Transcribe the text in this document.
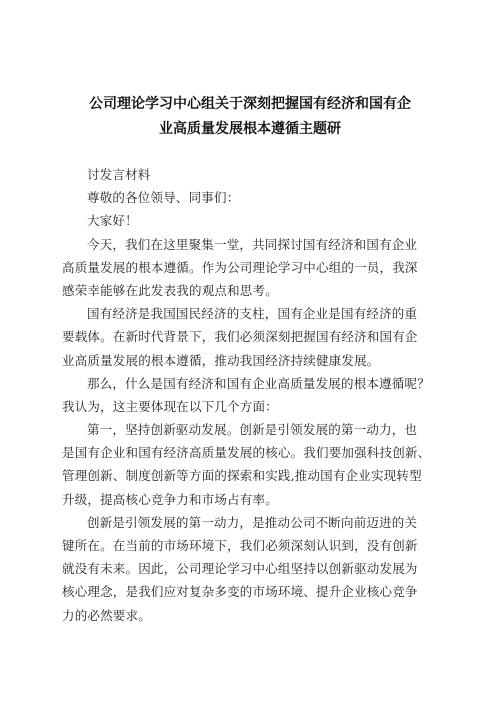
公司理论学习中心组关于深刻把握国有经济和国有企
业高质量发展根本遵循主题研
讨发言材料
尊敬的各位领导、同事们：
大家好！
今天，我们在这里聚集一堂，共同探讨国有经济和国有企业
高质量发展的根本遵循。作为公司理论学习中心组的一员，我深
感荣幸能够在此发表我的观点和思考。
国有经济是我国国民经济的支柱，国有企业是国有经济的重
要载体。在新时代背景下，我们必须深刻把握国有经济和国有企
业高质量发展的根本遵循，推动我国经济持续健康发展。
那么，什么是国有经济和国有企业高质量发展的根本遵循呢？
我认为，这主要体现在以下几个方面：
第一，坚持创新驱动发展。创新是引领发展的第一动力，也
是国有企业和国有经济高质量发展的核心。我们要加强科技创新、
管理创新、制度创新等方面的探索和实践,推动国有企业实现转型
升级，提高核心竞争力和市场占有率。
创新是引领发展的第一动力，是推动公司不断向前迈进的关
键所在。在当前的市场环境下，我们必须深刻认识到，没有创新
就没有未来。因此，公司理论学习中心组坚持以创新驱动发展为
核心理念，是我们应对复杂多变的市场环境、提升企业核心竞争
力的必然要求。
